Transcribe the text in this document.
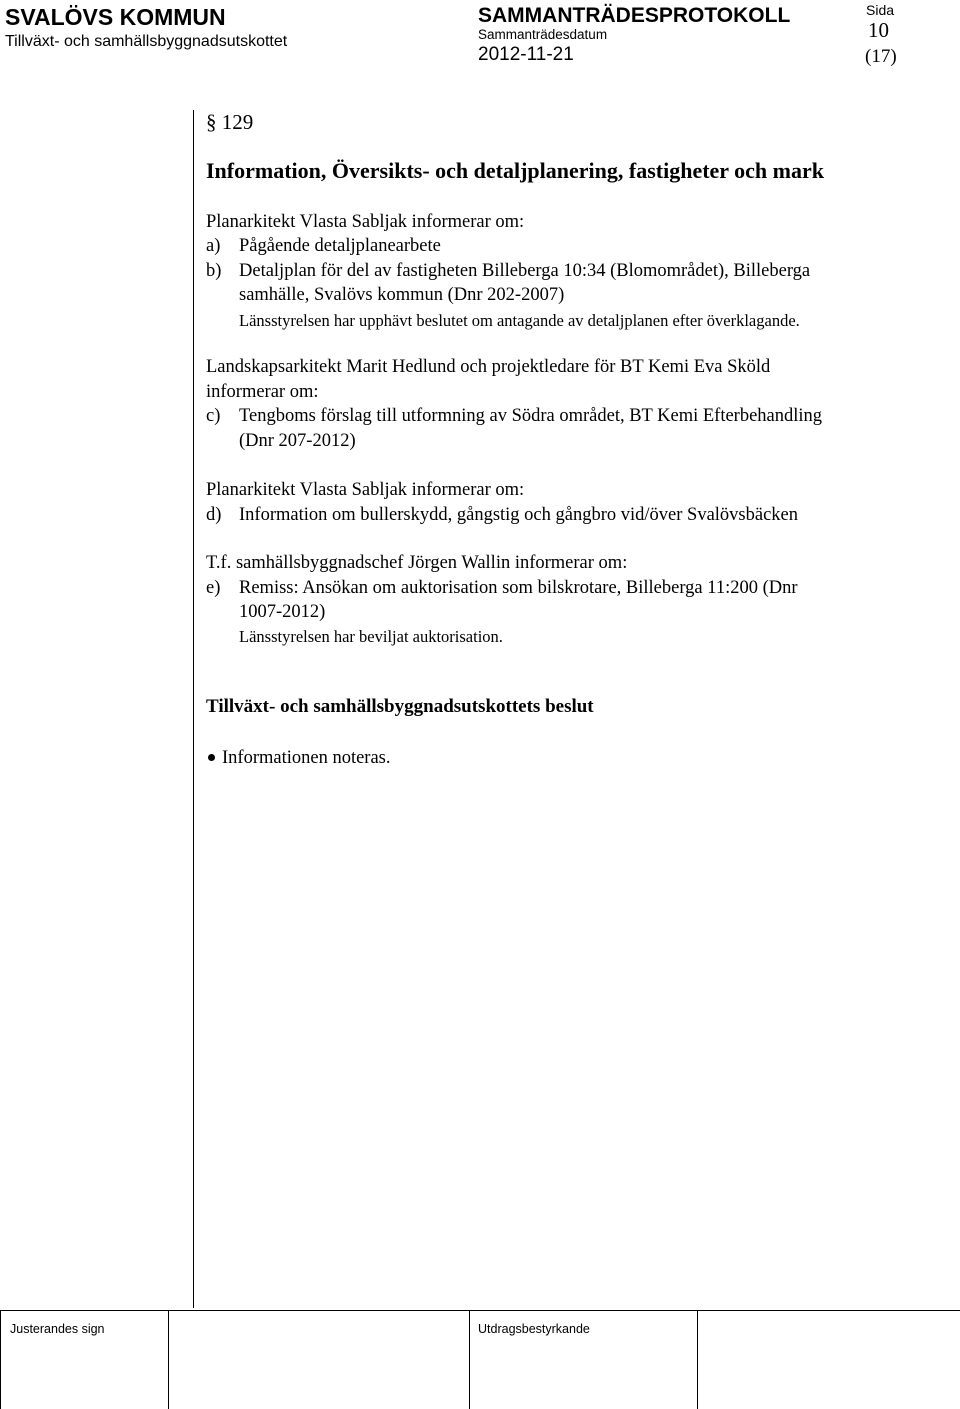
SVALÖVS KOMMUN
Tillväxt- och samhällsbyggnadsutskottet
SAMMANTRÄDESPROTOKOLL
Sammanträdesdatum
2012-11-21
Sida
10
(17)
§ 129
Information, Översikts- och detaljplanering, fastigheter och mark
Planarkitekt Vlasta Sabljak informerar om:
a) Pågående detaljplanearbete
b) Detaljplan för del av fastigheten Billeberga 10:34 (Blomområdet), Billeberga
samhälle, Svalövs kommun (Dnr 202-2007)
Länsstyrelsen har upphävt beslutet om antagande av detaljplanen efter överklagande.
Landskapsarkitekt Marit Hedlund och projektledare för BT Kemi Eva Sköld
informerar om:
c) Tengboms förslag till utformning av Södra området, BT Kemi Efterbehandling
(Dnr 207-2012)
Planarkitekt Vlasta Sabljak informerar om:
d) Information om bullerskydd, gångstig och gångbro vid/över Svalövsbäcken
T.f. samhällsbyggnadschef Jörgen Wallin informerar om:
e) Remiss: Ansökan om auktorisation som bilskrotare, Billeberga 11:200 (Dnr
1007-2012)
Länsstyrelsen har beviljat auktorisation.
Tillväxt- och samhällsbyggnadsutskottets beslut
Informationen noteras.
Justerandes sign	Utdragsbestyrkande
